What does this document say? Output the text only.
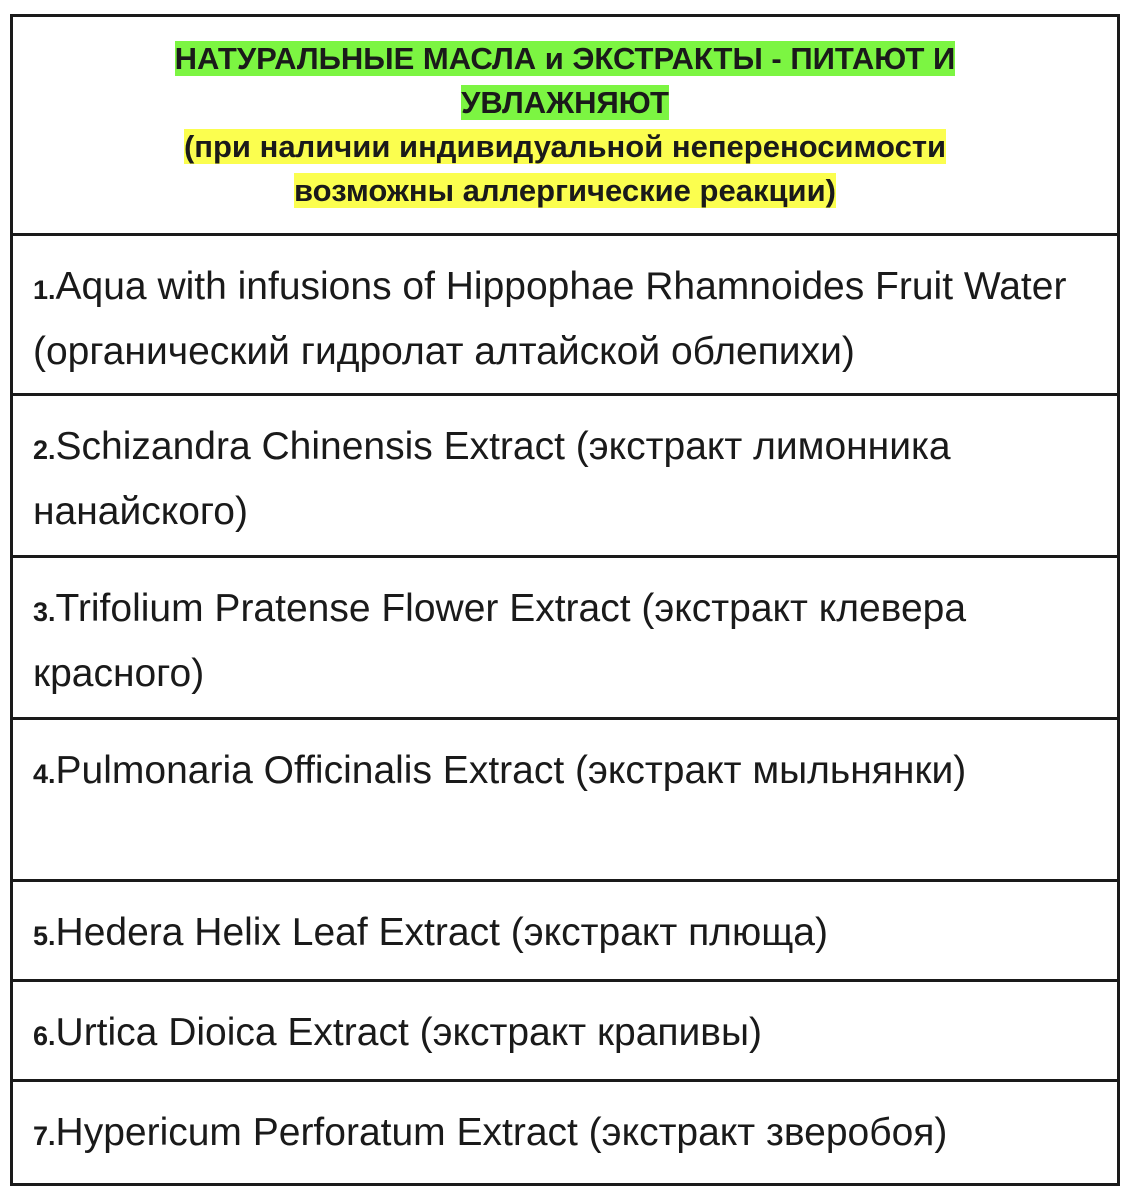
НАТУРАЛЬНЫЕ МАСЛА и ЭКСТРАКТЫ - ПИТАЮТ И
УВЛАЖНЯЮТ
(при наличии индивидуальной непереносимости
возможны аллергические реакции)
1.Aqua with infusions of Hippophae Rhamnoides Fruit Water (органический гидролат алтайской облепихи)
2.Schizandra Chinensis Extract (экстракт лимонника нанайского)
3.Trifolium Pratense Flower Extract (экстракт клевера красного)
4.Pulmonaria Officinalis Extract (экстракт мыльнянки)
5.Hedera Helix Leaf Extract (экстракт плюща)
6.Urtica Dioica Extract (экстракт крапивы)
7.Hypericum Perforatum Extract (экстракт зверобоя)
